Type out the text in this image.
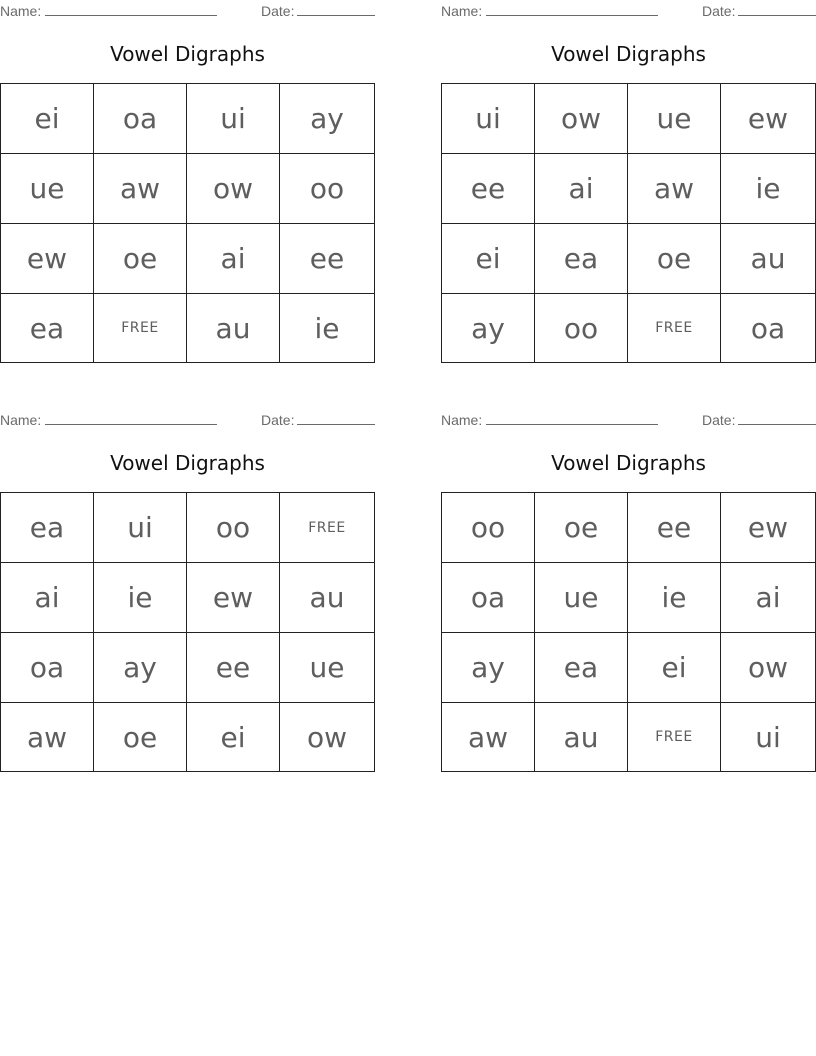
Name:	Date:
Vowel Digraphs
ei	oa	ui	ay
ue	aw	ow	oo
ew	oe	ai	ee
ea	FREE	au	ie
Name:	Date:
Vowel Digraphs
ui	ow	ue	ew
ee	ai	aw	ie
ei	ea	oe	au
ay	oo	FREE	oa
Name:	Date:
Vowel Digraphs
ea	ui	oo	FREE
ai	ie	ew	au
oa	ay	ee	ue
aw	oe	ei	ow
Name:	Date:
Vowel Digraphs
oo	oe	ee	ew
oa	ue	ie	ai
ay	ea	ei	ow
aw	au	FREE	ui
